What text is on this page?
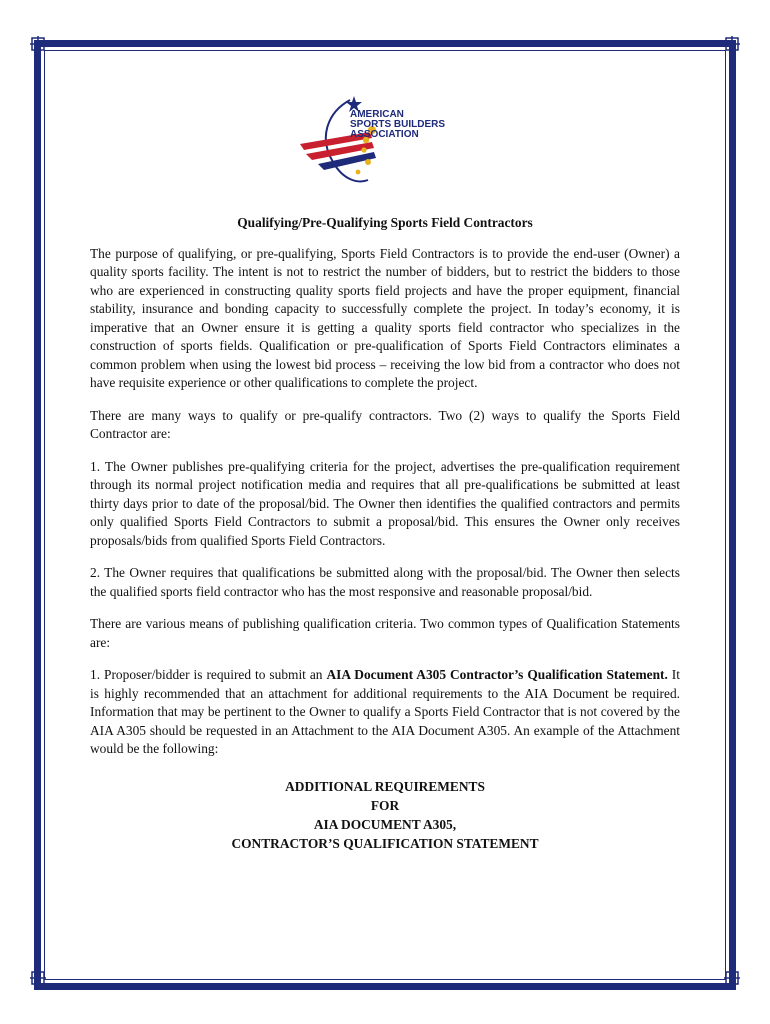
AMERICAN
SPORTS BUILDERS
ASSOCIATION
Qualifying/Pre-Qualifying Sports Field Contractors

The purpose of qualifying, or pre-qualifying, Sports Field Contractors is to provide the end-user (Owner) a quality sports facility. The intent is not to restrict the number of bidders, but to restrict the bidders to those who are experienced in constructing quality sports field projects and have the proper equipment, financial stability, insurance and bonding capacity to successfully complete the project. In today’s economy, it is imperative that an Owner ensure it is getting a quality sports field contractor who specializes in the construction of sports fields. Qualification or pre-qualification of Sports Field Contractors eliminates a common problem when using the lowest bid process – receiving the low bid from a contractor who does not have requisite experience or other qualifications to complete the project.

There are many ways to qualify or pre-qualify contractors. Two (2) ways to qualify the Sports Field Contractor are:

1. The Owner publishes pre-qualifying criteria for the project, advertises the pre-qualification requirement through its normal project notification media and requires that all pre-qualifications be submitted at least thirty days prior to date of the proposal/bid. The Owner then identifies the qualified contractors and permits only qualified Sports Field Contractors to submit a proposal/bid. This ensures the Owner only receives proposals/bids from qualified Sports Field Contractors.

2. The Owner requires that qualifications be submitted along with the proposal/bid. The Owner then selects the qualified sports field contractor who has the most responsive and reasonable proposal/bid.

There are various means of publishing qualification criteria. Two common types of Qualification Statements are:

1. Proposer/bidder is required to submit an AIA Document A305 Contractor’s Qualification Statement. It is highly recommended that an attachment for additional requirements to the AIA Document be required. Information that may be pertinent to the Owner to qualify a Sports Field Contractor that is not covered by the AIA A305 should be requested in an Attachment to the AIA Document A305. An example of the Attachment would be the following:

ADDITIONAL REQUIREMENTS
FOR
AIA DOCUMENT A305,
CONTRACTOR’S QUALIFICATION STATEMENT
